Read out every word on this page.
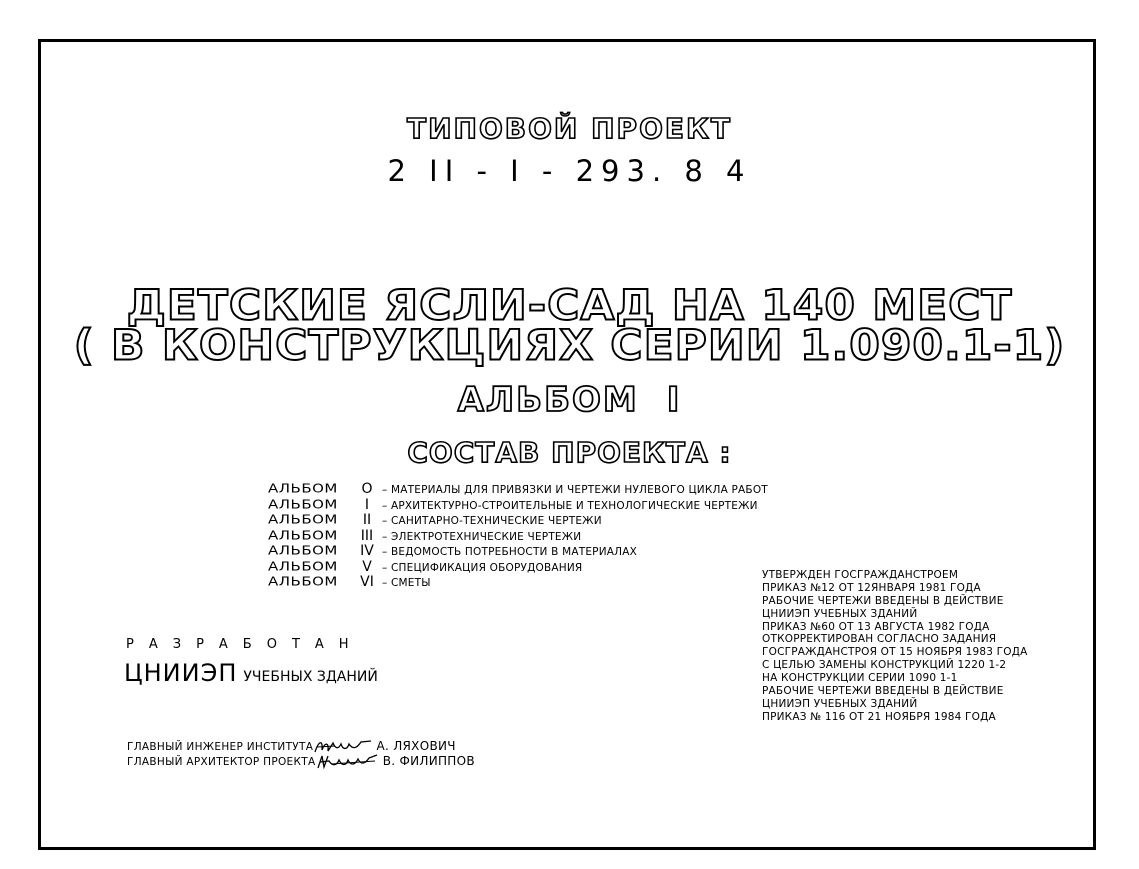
ТИПОВОЙ ПРОЕКТ
2 II - I - 293. 8 4
ДЕТСКИЕ ЯСЛИ-САД НА 140 МЕСТ
( В КОНСТРУКЦИЯХ СЕРИИ 1.090.1-1)
АЛЬБОМ I
СОСТАВ ПРОЕКТА :
АЛЬБОМ O – МАТЕРИАЛЫ ДЛЯ ПРИВЯЗКИ И ЧЕРТЕЖИ НУЛЕВОГО ЦИКЛА РАБОТ
АЛЬБОМ I – АРХИТЕКТУРНО-СТРОИТЕЛЬНЫЕ И ТЕХНОЛОГИЧЕСКИЕ ЧЕРТЕЖИ
АЛЬБОМ II – САНИТАРНО-ТЕХНИЧЕСКИЕ ЧЕРТЕЖИ
АЛЬБОМ III – ЭЛЕКТРОТЕХНИЧЕСКИЕ ЧЕРТЕЖИ
АЛЬБОМ IV – ВЕДОМОСТЬ ПОТРЕБНОСТИ В МАТЕРИАЛАХ
АЛЬБОМ V – СПЕЦИФИКАЦИЯ ОБОРУДОВАНИЯ
АЛЬБОМ VI – СМЕТЫ
УТВЕРЖДЕН ГОСГРАЖДАНСТРОЕМ
ПРИКАЗ №12 ОТ 12ЯНВАРЯ 1981 ГОДА
РАБОЧИЕ ЧЕРТЕЖИ ВВЕДЕНЫ В ДЕЙСТВИЕ
ЦНИИЭП УЧЕБНЫХ ЗДАНИЙ
ПРИКАЗ №60 ОТ 13 АВГУСТА 1982 ГОДА
ОТКОРРЕКТИРОВАН СОГЛАСНО ЗАДАНИЯ
ГОСГРАЖДАНСТРОЯ ОТ 15 НОЯБРЯ 1983 ГОДА
С ЦЕЛЬЮ ЗАМЕНЫ КОНСТРУКЦИЙ 1220 1-2
НА КОНСТРУКЦИИ СЕРИИ 1090 1-1
РАБОЧИЕ ЧЕРТЕЖИ ВВЕДЕНЫ В ДЕЙСТВИЕ
ЦНИИЭП УЧЕБНЫХ ЗДАНИЙ
ПРИКАЗ № 116 ОТ 21 НОЯБРЯ 1984 ГОДА
РАЗРАБОТАН
ЦНИИЭП УЧЕБНЫХ ЗДАНИЙ
ГЛАВНЫЙ ИНЖЕНЕР ИНСТИТУТА	А. ЛЯХОВИЧ
ГЛАВНЫЙ АРХИТЕКТОР ПРОЕКТА	В. ФИЛИППОВ
